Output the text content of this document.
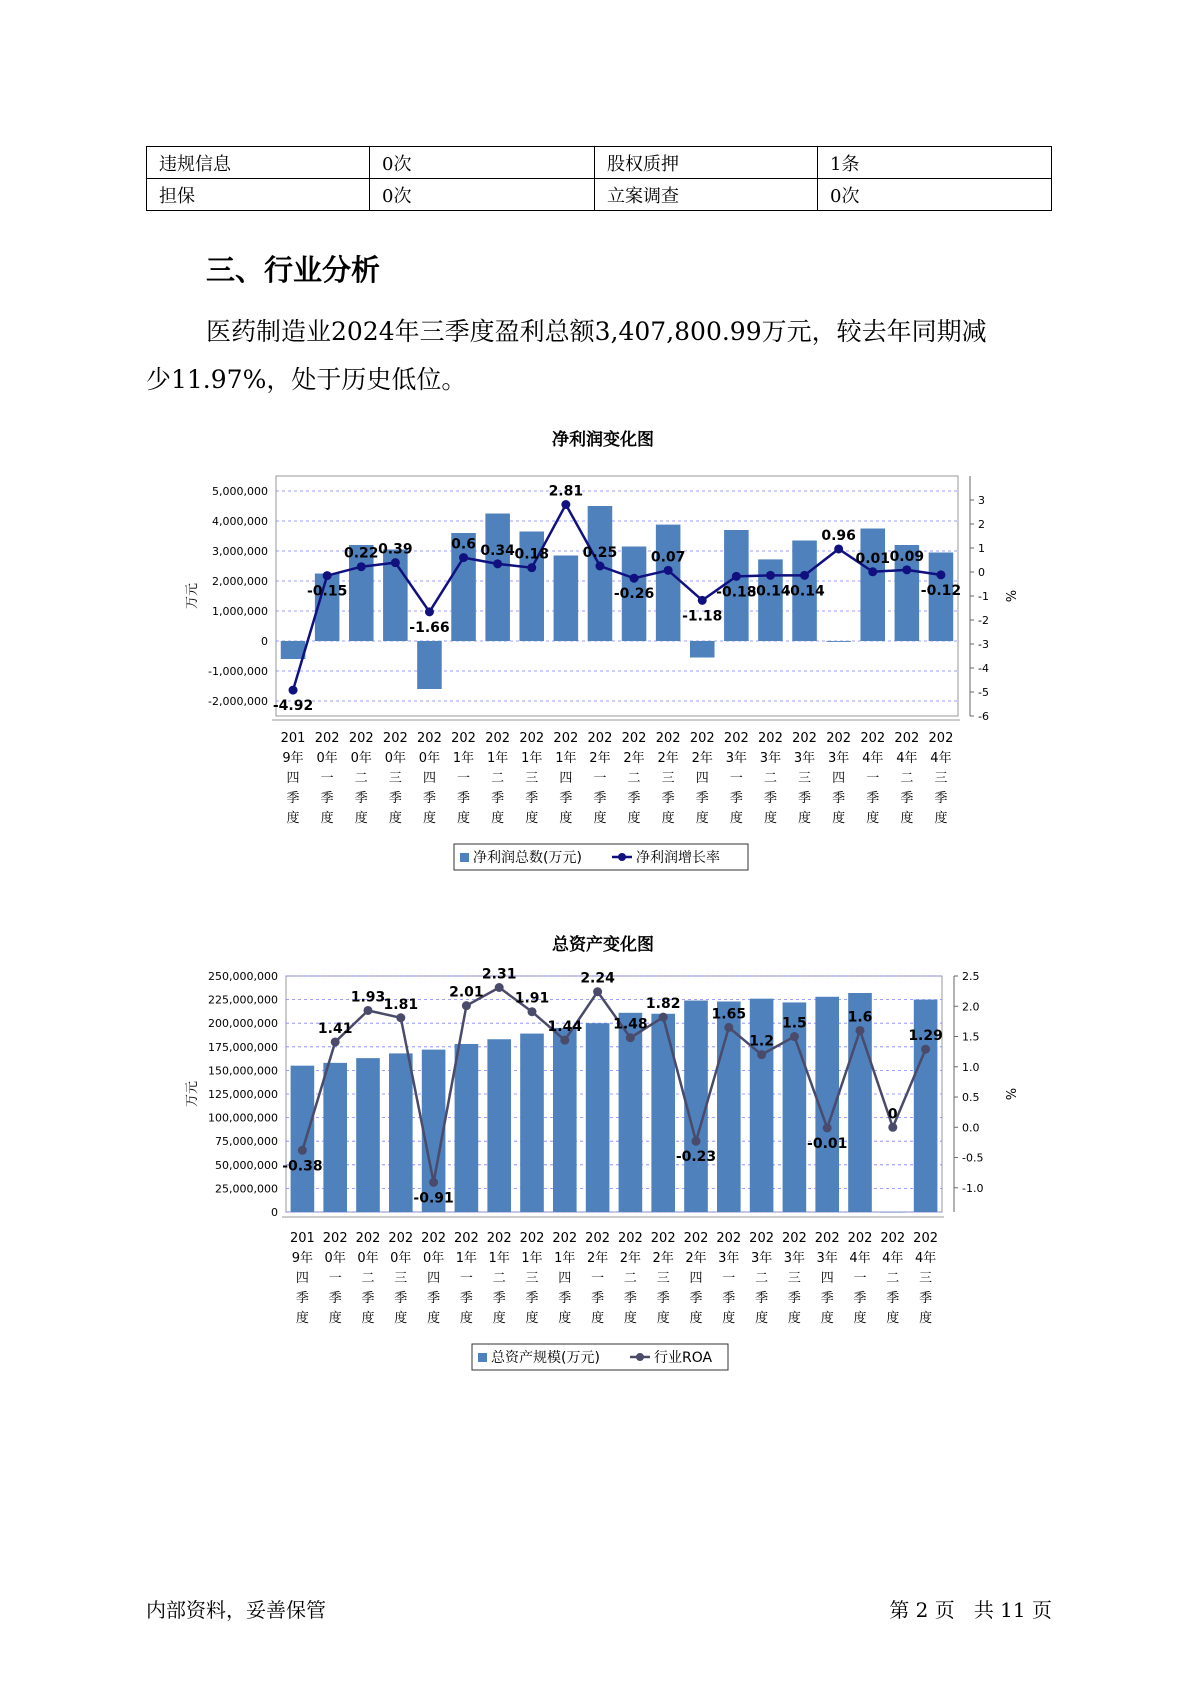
违规信息	0次	股权质押	1条
担保	0次	立案调查	0次
三、行业分析
医药制造业2024年三季度盈利总额3,407,800.99万元，较去年同期减
少11.97%，处于历史低位。
净利润变化图
5,000,000
4,000,000
3,000,000
2,000,000
1,000,000
0
-1,000,000
-2,000,000
3
2
1
0
-1
-2
-3
-4
-5
-6
万元	%
-4.92
-0.15
0.22 0.39
-1.66
0.6 0.34 0.18
2.81
0.25
-0.26
0.07
-1.18
-0.18
-0.14
-0.14
0.96
0.01 0.09
-0.12
201
9年
四
季
度
202
0年
一
季
度
202
0年
二
季
度
202
0年
三
季
度
202
0年
四
季
度
202
1年
一
季
度
202
1年
二
季
度
202
1年
三
季
度
202
1年
四
季
度
202
2年
一
季
度
202
2年
二
季
度
202
2年
三
季
度
202
2年
四
季
度
202
3年
一
季
度
202
3年
二
季
度
202
3年
三
季
度
202
3年
四
季
度
202
4年
一
季
度
202
4年
二
季
度
202
4年
三
季
度
净利润总数(万元)	净利润增长率
总资产变化图
250,000,000
225,000,000
200,000,000
175,000,000
150,000,000
125,000,000
100,000,000
75,000,000
50,000,000
25,000,000
0
2.5
2.0
1.5
1.0
0.5
0.0
-0.5
-1.0
万元	%
-0.38
1.41
1.93
1.81
-0.91
2.01
2.31
1.91
1.44
2.24
1.48
1.82
-0.23
1.65
1.2
1.5
-0.01
1.6
0
1.29
201
9年
四
季
度
202
0年
一
季
度
202
0年
二
季
度
202
0年
三
季
度
202
0年
四
季
度
202
1年
一
季
度
202
1年
二
季
度
202
1年
三
季
度
202
1年
四
季
度
202
2年
一
季
度
202
2年
二
季
度
202
2年
三
季
度
202
2年
四
季
度
202
3年
一
季
度
202
3年
二
季
度
202
3年
三
季
度
202
3年
四
季
度
202
4年
一
季
度
202
4年
二
季
度
202
4年
三
季
度
总资产规模(万元)	行业ROA
内部资料，妥善保管	第 2 页   共 11 页
